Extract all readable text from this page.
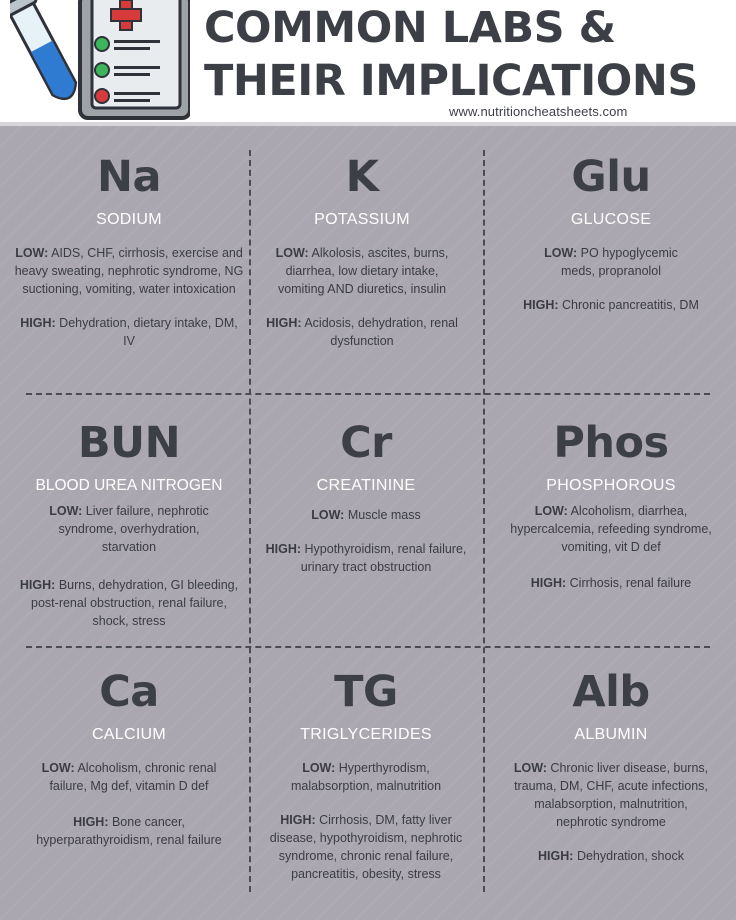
COMMON LABS &
THEIR IMPLICATIONS
www.nutritioncheatsheets.com
Na
SODIUM
LOW: AIDS, CHF, cirrhosis, exercise and heavy sweating, nephrotic syndrome, NG suctioning, vomiting, water intoxication
HIGH: Dehydration, dietary intake, DM, IV
K
POTASSIUM
LOW: Alkolosis, ascites, burns, diarrhea, low dietary intake, vomiting AND diuretics, insulin
HIGH: Acidosis, dehydration, renal dysfunction
Glu
GLUCOSE
LOW: PO hypoglycemic meds, propranolol
HIGH: Chronic pancreatitis, DM
BUN
BLOOD UREA NITROGEN
LOW: Liver failure, nephrotic syndrome, overhydration, starvation
HIGH: Burns, dehydration, GI bleeding, post-renal obstruction, renal failure, shock, stress
Cr
CREATININE
LOW: Muscle mass
HIGH: Hypothyroidism, renal failure, urinary tract obstruction
Phos
PHOSPHOROUS
LOW: Alcoholism, diarrhea, hypercalcemia, refeeding syndrome, vomiting, vit D def
HIGH: Cirrhosis, renal failure
Ca
CALCIUM
LOW: Alcoholism, chronic renal failure, Mg def, vitamin D def
HIGH: Bone cancer, hyperparathyroidism, renal failure
TG
TRIGLYCERIDES
LOW: Hyperthyrodism, malabsorption, malnutrition
HIGH: Cirrhosis, DM, fatty liver disease, hypothyroidism, nephrotic syndrome, chronic renal failure, pancreatitis, obesity, stress
Alb
ALBUMIN
LOW: Chronic liver disease, burns, trauma, DM, CHF, acute infections, malabsorption, malnutrition, nephrotic syndrome
HIGH: Dehydration, shock
